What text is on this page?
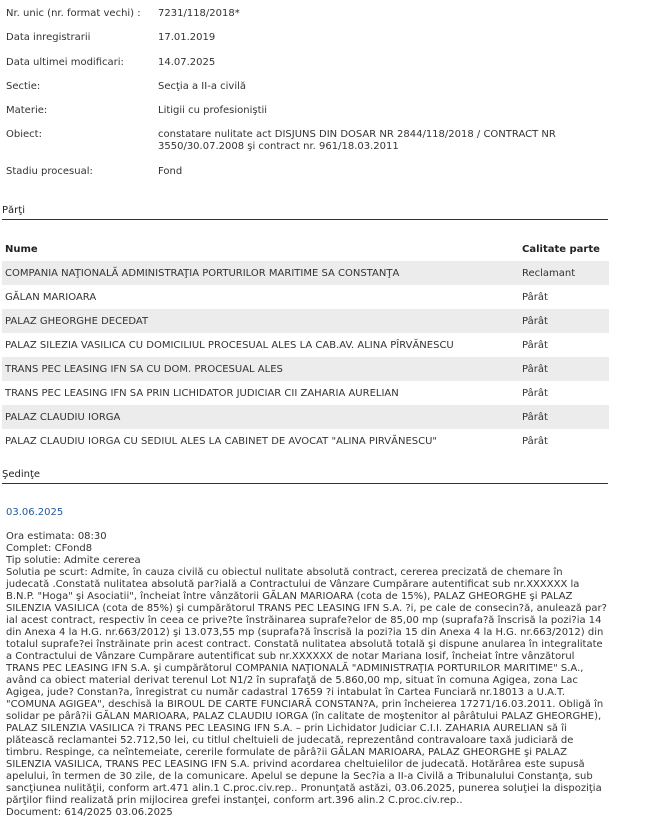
Nr. unic (nr. format vechi) :	7231/118/2018*
Data inregistrarii	17.01.2019
Data ultimei modificari:	14.07.2025
Sectie:	Secţia a II-a civilă
Materie:	Litigii cu profesioniştii
Obiect:	constatare nulitate act DISJUNS DIN DOSAR NR 2844/118/2018 / CONTRACT NR 3550/30.07.2008 şi contract nr. 961/18.03.2011
Stadiu procesual:	Fond
Părţi
Nume	Calitate parte
COMPANIA NAŢIONALĂ ADMINISTRAŢIA PORTURILOR MARITIME SA CONSTANŢA	Reclamant
GĂLAN MARIOARA	Pârât
PALAZ GHEORGHE DECEDAT	Pârât
PALAZ SILEZIA VASILICA CU DOMICILIUL PROCESUAL ALES LA CAB.AV. ALINA PÎRVĂNESCU	Pârât
TRANS PEC LEASING IFN SA CU DOM. PROCESUAL ALES	Pârât
TRANS PEC LEASING IFN SA PRIN LICHIDATOR JUDICIAR CII ZAHARIA AURELIAN	Pârât
PALAZ CLAUDIU IORGA	Pârât
PALAZ CLAUDIU IORGA CU SEDIUL ALES LA CABINET DE AVOCAT "ALINA PIRVĂNESCU"	Pârât
Şedinţe
03.06.2025
Ora estimata: 08:30
Complet: CFond8
Tip solutie: Admite cererea
Solutia pe scurt: Admite, în cauza civilă cu obiectul nulitate absolută contract, cererea precizată de chemare în judecată .Constată nulitatea absolută par?ială a Contractului de Vânzare Cumpărare autentificat sub nr.XXXXXX la B.N.P. "Hoga" şi Asociatii", încheiat între vânzătorii GĂLAN MARIOARA (cota de 15%), PALAZ GHEORGHE şi PALAZ SILENZIA VASILICA (cota de 85%) şi cumpărătorul TRANS PEC LEASING IFN S.A. ?i, pe cale de consecin?ă, anulează par?ial acest contract, respectiv în ceea ce prive?te înstrăinarea suprafe?elor de 85,00 mp (suprafa?ă înscrisă la pozi?ia 14 din Anexa 4 la H.G. nr.663/2012) şi 13.073,55 mp (suprafa?ă înscrisă la pozi?ia 15 din Anexa 4 la H.G. nr.663/2012) din totalul suprafe?ei înstrăinate prin acest contract. Constată nulitatea absolută totală şi dispune anularea în integralitate a Contractului de Vânzare Cumpărare autentificat sub nr.XXXXXX de notar Mariana Iosif, încheiat între vânzătorul TRANS PEC LEASING IFN S.A. şi cumpărătorul COMPANIA NAŢIONALĂ "ADMINISTRAŢIA PORTURILOR MARITIME" S.A., având ca obiect material derivat terenul Lot N1/2 în suprafaţă de 5.860,00 mp, situat în comuna Agigea, zona Lac Agigea, jude? Constan?a, înregistrat cu număr cadastral 17659 ?i intabulat în Cartea Funciară nr.18013 a U.A.T. "COMUNA AGIGEA", deschisă la BIROUL DE CARTE FUNCIARĂ CONSTAN?A, prin încheierea 17271/16.03.2011. Obligă în solidar pe pârâ?ii GĂLAN MARIOARA, PALAZ CLAUDIU IORGA (în calitate de moştenitor al pârâtului PALAZ GHEORGHE), PALAZ SILENZIA VASILICA ?i TRANS PEC LEASING IFN S.A. – prin Lichidator Judiciar C.I.I. ZAHARIA AURELIAN să îi plătească reclamantei 52.712,50 lei, cu titlul cheltuieli de judecată, reprezentând contravaloare taxă judiciară de timbru. Respinge, ca neîntemeiate, cererile formulate de pârâ?ii GĂLAN MARIOARA, PALAZ GHEORGHE şi PALAZ SILENZIA VASILICA, TRANS PEC LEASING IFN S.A. privind acordarea cheltuielilor de judecată. Hotărârea este supusă apelului, în termen de 30 zile, de la comunicare. Apelul se depune la Sec?ia a II-a Civilă a Tribunalului Constanţa, sub sancţiunea nulităţii, conform art.471 alin.1 C.proc.civ.rep.. Pronunţată astăzi, 03.06.2025, punerea soluţiei la dispoziţia părţilor fiind realizată prin mijlocirea grefei instanţei, conform art.396 alin.2 C.proc.civ.rep..
Document: 614/2025 03.06.2025
